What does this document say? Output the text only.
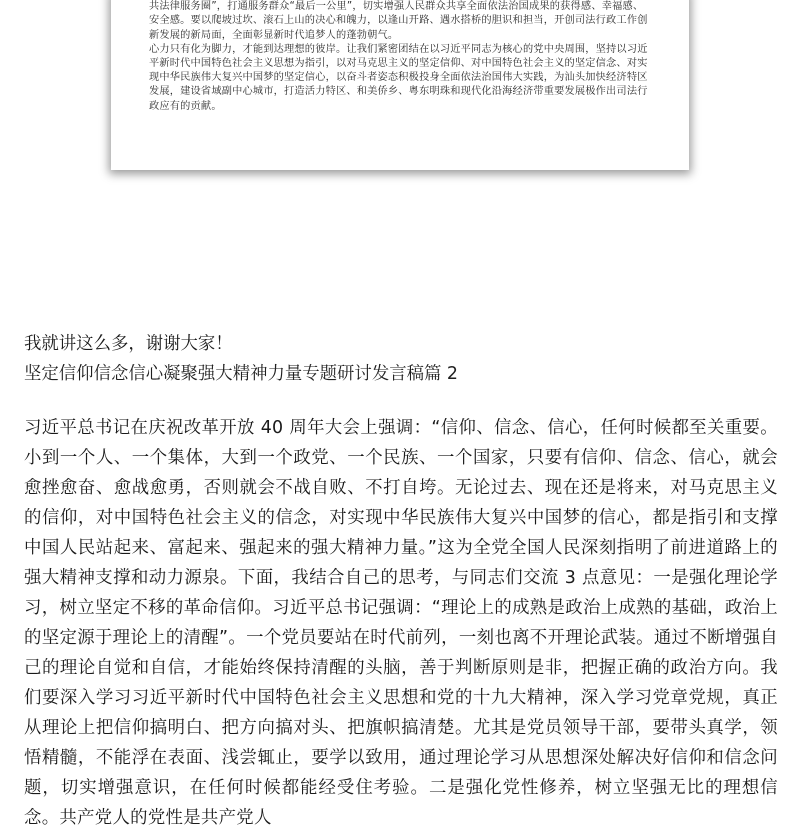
共法律服务圈”，打通服务群众“最后一公里”，切实增强人民群众共享全面依法治国成果的获得感、幸福感、安全感。要以爬坡过坎、滚石上山的决心和魄力，以逢山开路、遇水搭桥的胆识和担当，开创司法行政工作创新发展的新局面，全面彰显新时代追梦人的蓬勃朝气。

心力只有化为脚力，才能到达理想的彼岸。让我们紧密团结在以习近平同志为核心的党中央周围，坚持以习近平新时代中国特色社会主义思想为指引，以对马克思主义的坚定信仰、对中国特色社会主义的坚定信念、对实现中华民族伟大复兴中国梦的坚定信心，以奋斗者姿态积极投身全面依法治国伟大实践，为汕头加快经济特区发展，建设省域副中心城市，打造活力特区、和美侨乡、粤东明珠和现代化沿海经济带重要发展极作出司法行政应有的贡献。

我就讲这么多，谢谢大家！

坚定信仰信念信心凝聚强大精神力量专题研讨发言稿篇 2

习近平总书记在庆祝改革开放 40 周年大会上强调：“信仰、信念、信心，任何时候都至关重要。小到一个人、一个集体，大到一个政党、一个民族、一个国家，只要有信仰、信念、信心，就会愈挫愈奋、愈战愈勇，否则就会不战自败、不打自垮。无论过去、现在还是将来，对马克思主义的信仰，对中国特色社会主义的信念，对实现中华民族伟大复兴中国梦的信心，都是指引和支撑中国人民站起来、富起来、强起来的强大精神力量。”这为全党全国人民深刻指明了前进道路上的强大精神支撑和动力源泉。下面，我结合自己的思考，与同志们交流 3 点意见：一是强化理论学习，树立坚定不移的革命信仰。习近平总书记强调：“理论上的成熟是政治上成熟的基础，政治上的坚定源于理论上的清醒”。一个党员要站在时代前列，一刻也离不开理论武装。通过不断增强自己的理论自觉和自信，才能始终保持清醒的头脑，善于判断原则是非，把握正确的政治方向。我们要深入学习习近平新时代中国特色社会主义思想和党的十九大精神，深入学习党章党规，真正从理论上把信仰搞明白、把方向搞对头、把旗帜搞清楚。尤其是党员领导干部，要带头真学，领悟精髓，不能浮在表面、浅尝辄止，要学以致用，通过理论学习从思想深处解决好信仰和信念问题，切实增强意识，在任何时候都能经受住考验。二是强化党性修养，树立坚强无比的理想信念。共产党人的党性是共产党人
